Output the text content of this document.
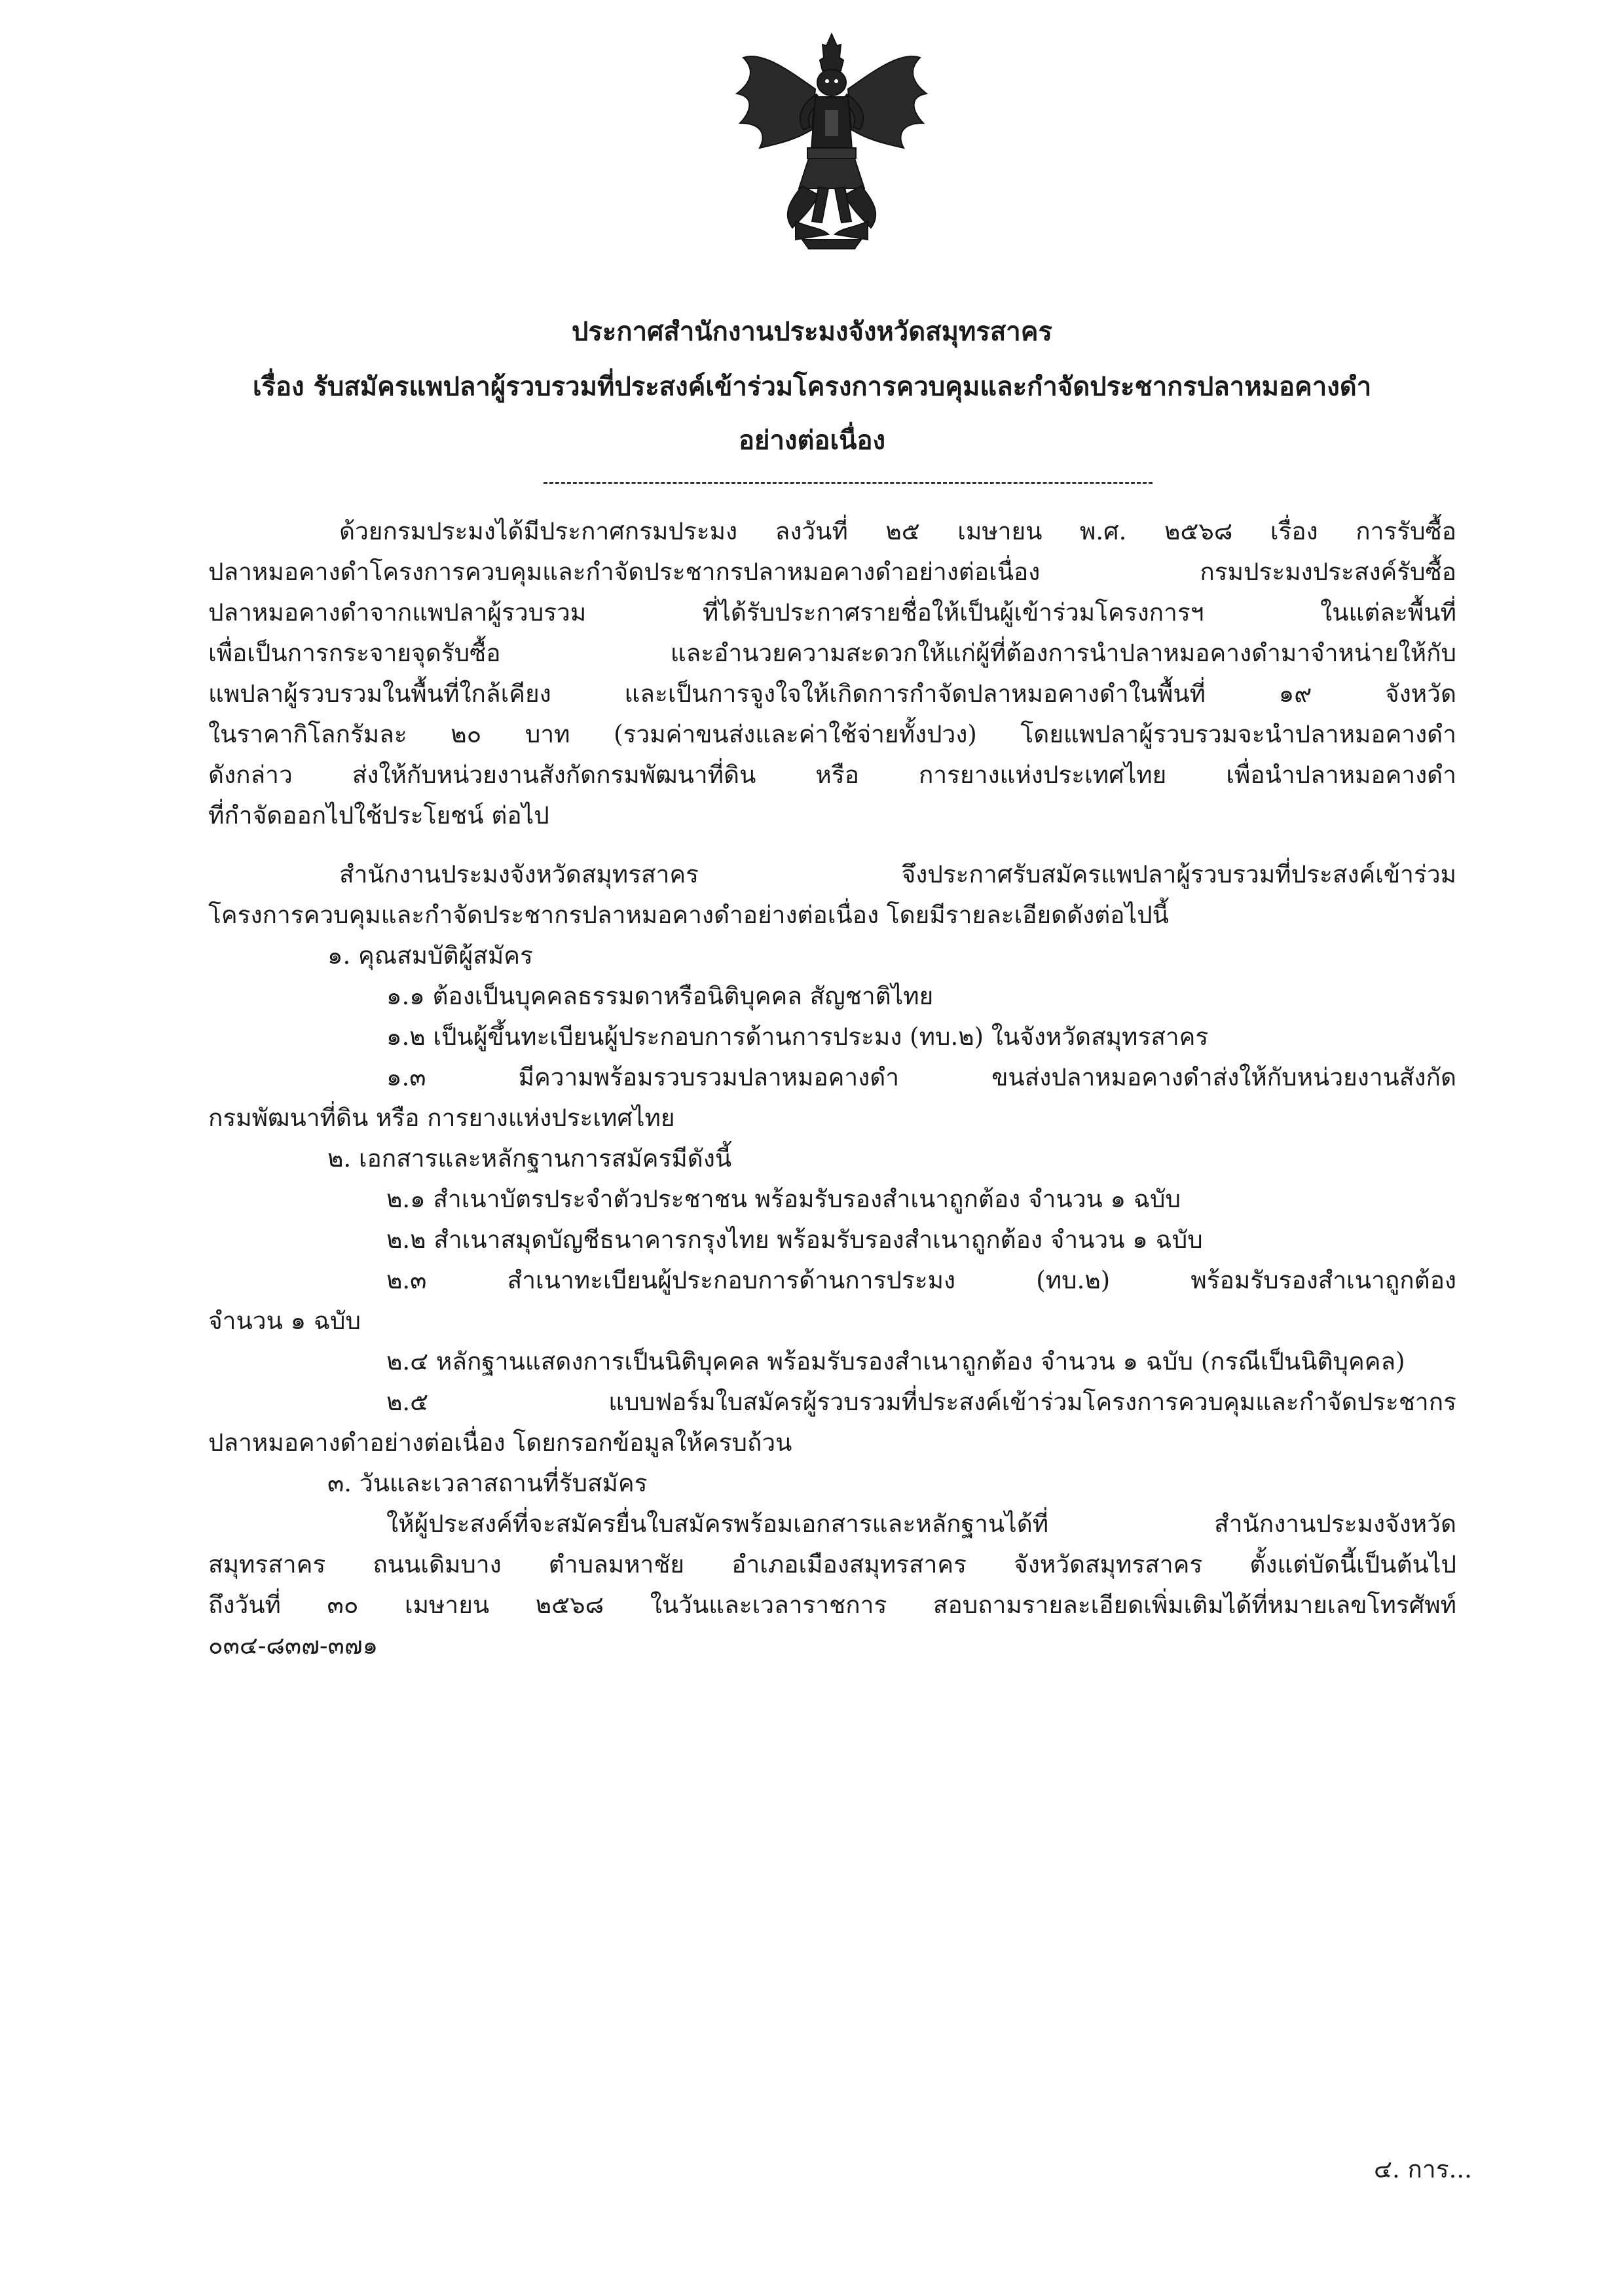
ประกาศสำนักงานประมงจังหวัดสมุทรสาคร
เรื่อง รับสมัครแพปลาผู้รวบรวมที่ประสงค์เข้าร่วมโครงการควบคุมและกำจัดประชากรปลาหมอคางดำ
อย่างต่อเนื่อง
ด้วยกรมประมงได้มีประกาศกรมประมง ลงวันที่ ๒๕ เมษายน พ.ศ. ๒๕๖๘ เรื่อง การรับซื้อ
ปลาหมอคางดำโครงการควบคุมและกำจัดประชากรปลาหมอคางดำอย่างต่อเนื่อง กรมประมงประสงค์รับซื้อ
ปลาหมอคางดำจากแพปลาผู้รวบรวม ที่ได้รับประกาศรายชื่อให้เป็นผู้เข้าร่วมโครงการฯ ในแต่ละพื้นที่
เพื่อเป็นการกระจายจุดรับซื้อ และอำนวยความสะดวกให้แก่ผู้ที่ต้องการนำปลาหมอคางดำมาจำหน่ายให้กับ
แพปลาผู้รวบรวมในพื้นที่ใกล้เคียง และเป็นการจูงใจให้เกิดการกำจัดปลาหมอคางดำในพื้นที่ ๑๙ จังหวัด
ในราคากิโลกรัมละ ๒๐ บาท (รวมค่าขนส่งและค่าใช้จ่ายทั้งปวง) โดยแพปลาผู้รวบรวมจะนำปลาหมอคางดำ
ดังกล่าว ส่งให้กับหน่วยงานสังกัดกรมพัฒนาที่ดิน หรือ การยางแห่งประเทศไทย เพื่อนำปลาหมอคางดำ
ที่กำจัดออกไปใช้ประโยชน์ ต่อไป
สำนักงานประมงจังหวัดสมุทรสาคร จึงประกาศรับสมัครแพปลาผู้รวบรวมที่ประสงค์เข้าร่วม
โครงการควบคุมและกำจัดประชากรปลาหมอคางดำอย่างต่อเนื่อง โดยมีรายละเอียดดังต่อไปนี้
๑. คุณสมบัติผู้สมัคร
๑.๑ ต้องเป็นบุคคลธรรมดาหรือนิติบุคคล สัญชาติไทย
๑.๒ เป็นผู้ขึ้นทะเบียนผู้ประกอบการด้านการประมง (ทบ.๒) ในจังหวัดสมุทรสาคร
๑.๓ มีความพร้อมรวบรวมปลาหมอคางดำ ขนส่งปลาหมอคางดำส่งให้กับหน่วยงานสังกัด
กรมพัฒนาที่ดิน หรือ การยางแห่งประเทศไทย
๒. เอกสารและหลักฐานการสมัครมีดังนี้
๒.๑ สำเนาบัตรประจำตัวประชาชน พร้อมรับรองสำเนาถูกต้อง จำนวน ๑ ฉบับ
๒.๒ สำเนาสมุดบัญชีธนาคารกรุงไทย พร้อมรับรองสำเนาถูกต้อง จำนวน ๑ ฉบับ
๒.๓ สำเนาทะเบียนผู้ประกอบการด้านการประมง (ทบ.๒) พร้อมรับรองสำเนาถูกต้อง
จำนวน ๑ ฉบับ
๒.๔ หลักฐานแสดงการเป็นนิติบุคคล พร้อมรับรองสำเนาถูกต้อง จำนวน ๑ ฉบับ (กรณีเป็นนิติบุคคล)
๒.๕ แบบฟอร์มใบสมัครผู้รวบรวมที่ประสงค์เข้าร่วมโครงการควบคุมและกำจัดประชากร
ปลาหมอคางดำอย่างต่อเนื่อง โดยกรอกข้อมูลให้ครบถ้วน
๓. วันและเวลาสถานที่รับสมัคร
ให้ผู้ประสงค์ที่จะสมัครยื่นใบสมัครพร้อมเอกสารและหลักฐานได้ที่ สำนักงานประมงจังหวัด
สมุทรสาคร ถนนเดิมบาง ตำบลมหาชัย อำเภอเมืองสมุทรสาคร จังหวัดสมุทรสาคร ตั้งแต่บัดนี้เป็นต้นไป
ถึงวันที่ ๓๐ เมษายน ๒๕๖๘ ในวันและเวลาราชการ สอบถามรายละเอียดเพิ่มเติมได้ที่หมายเลขโทรศัพท์
๐๓๔-๘๓๗-๓๗๑
๔. การ...
